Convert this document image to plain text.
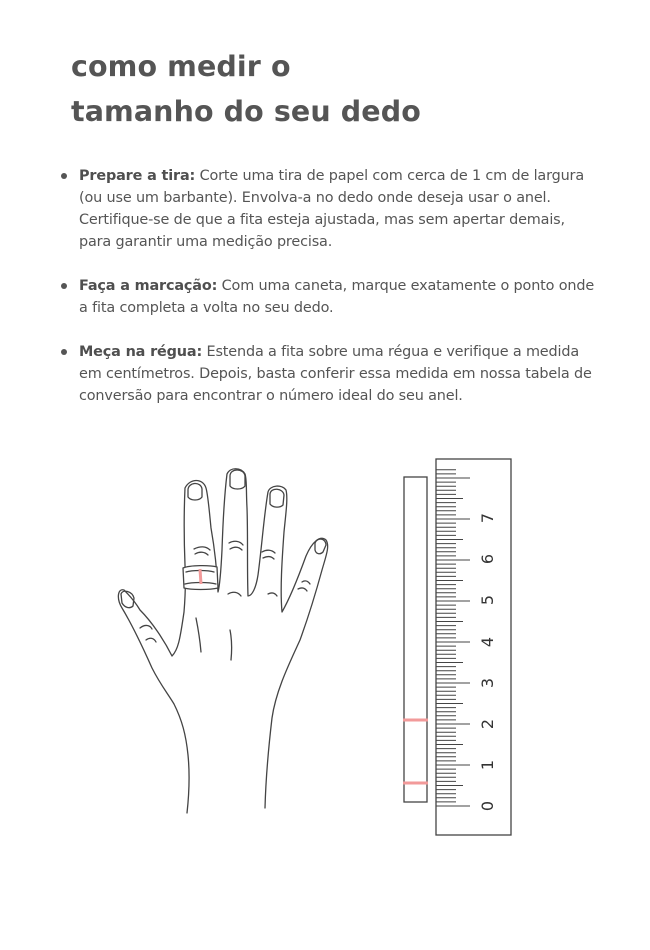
como medir o
tamanho do seu dedo
Prepare a tira: Corte uma tira de papel com cerca de 1 cm de largura (ou use um barbante). Envolva-a no dedo onde deseja usar o anel. Certifique-se de que a fita esteja ajustada, mas sem apertar demais, para garantir uma medição precisa.
Faça a marcação: Com uma caneta, marque exatamente o ponto onde a fita completa a volta no seu dedo.
Meça na régua: Estenda a fita sobre uma régua e verifique a medida em centímetros. Depois, basta conferir essa medida em nossa tabela de conversão para encontrar o número ideal do seu anel.
0
1
2
3
4
5
6
7
